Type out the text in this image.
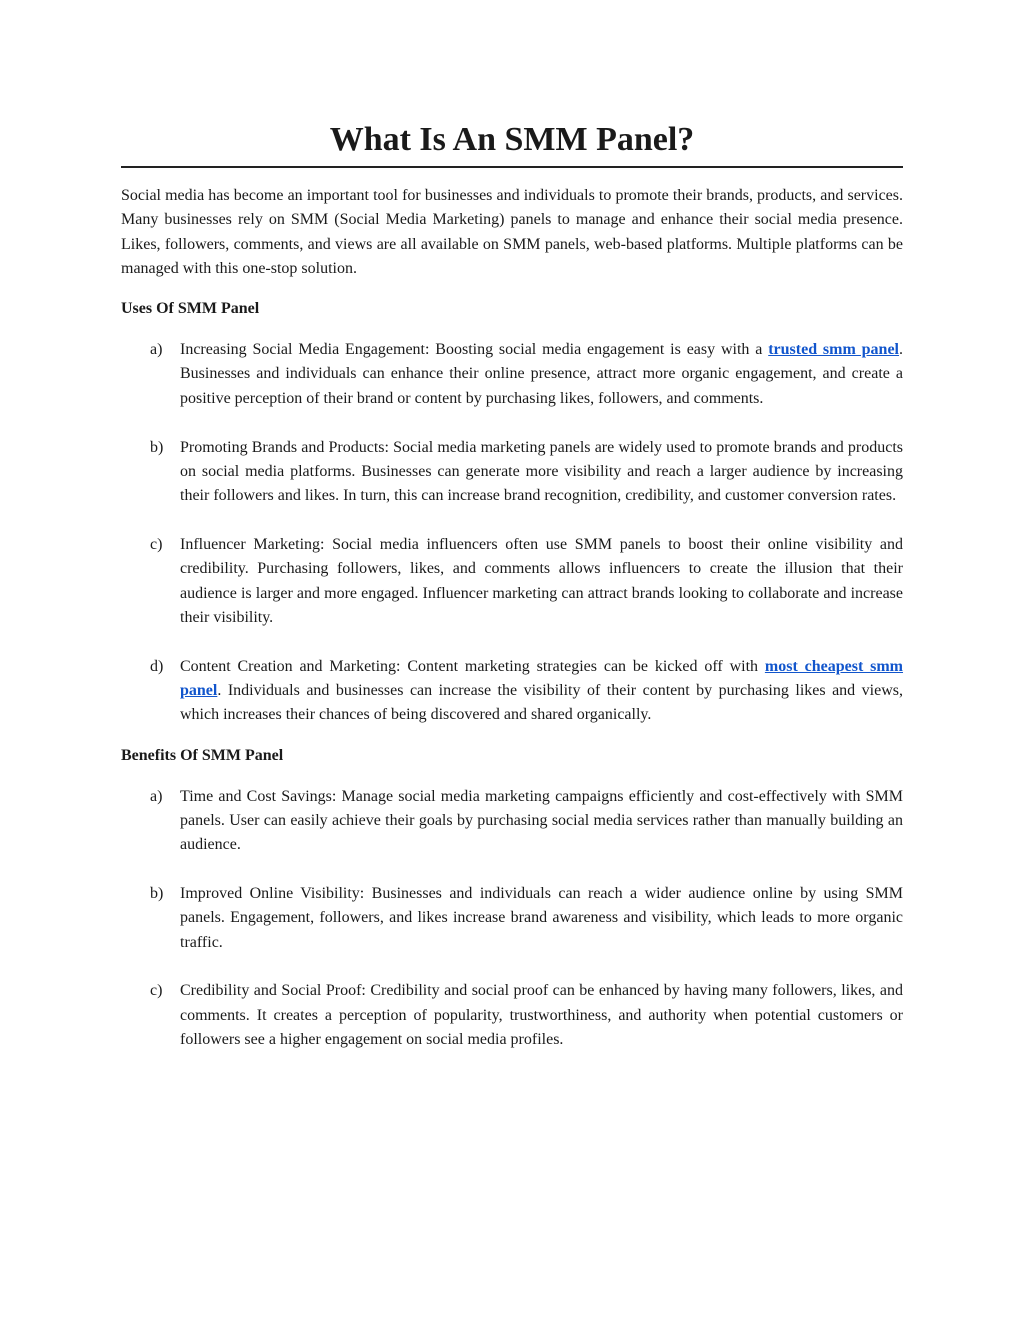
What Is An SMM Panel?

Social media has become an important tool for businesses and individuals to promote their brands, products, and services. Many businesses rely on SMM (Social Media Marketing) panels to manage and enhance their social media presence. Likes, followers, comments, and views are all available on SMM panels, web-based platforms. Multiple platforms can be managed with this one-stop solution.

Uses Of SMM Panel
a) Increasing Social Media Engagement: Boosting social media engagement is easy with a trusted smm panel. Businesses and individuals can enhance their online presence, attract more organic engagement, and create a positive perception of their brand or content by purchasing likes, followers, and comments.
b) Promoting Brands and Products: Social media marketing panels are widely used to promote brands and products on social media platforms. Businesses can generate more visibility and reach a larger audience by increasing their followers and likes. In turn, this can increase brand recognition, credibility, and customer conversion rates.
c) Influencer Marketing: Social media influencers often use SMM panels to boost their online visibility and credibility. Purchasing followers, likes, and comments allows influencers to create the illusion that their audience is larger and more engaged. Influencer marketing can attract brands looking to collaborate and increase their visibility.
d) Content Creation and Marketing: Content marketing strategies can be kicked off with most cheapest smm panel. Individuals and businesses can increase the visibility of their content by purchasing likes and views, which increases their chances of being discovered and shared organically.
Benefits Of SMM Panel
a) Time and Cost Savings: Manage social media marketing campaigns efficiently and cost-effectively with SMM panels. User can easily achieve their goals by purchasing social media services rather than manually building an audience.
b) Improved Online Visibility: Businesses and individuals can reach a wider audience online by using SMM panels. Engagement, followers, and likes increase brand awareness and visibility, which leads to more organic traffic.
c) Credibility and Social Proof: Credibility and social proof can be enhanced by having many followers, likes, and comments. It creates a perception of popularity, trustworthiness, and authority when potential customers or followers see a higher engagement on social media profiles.
